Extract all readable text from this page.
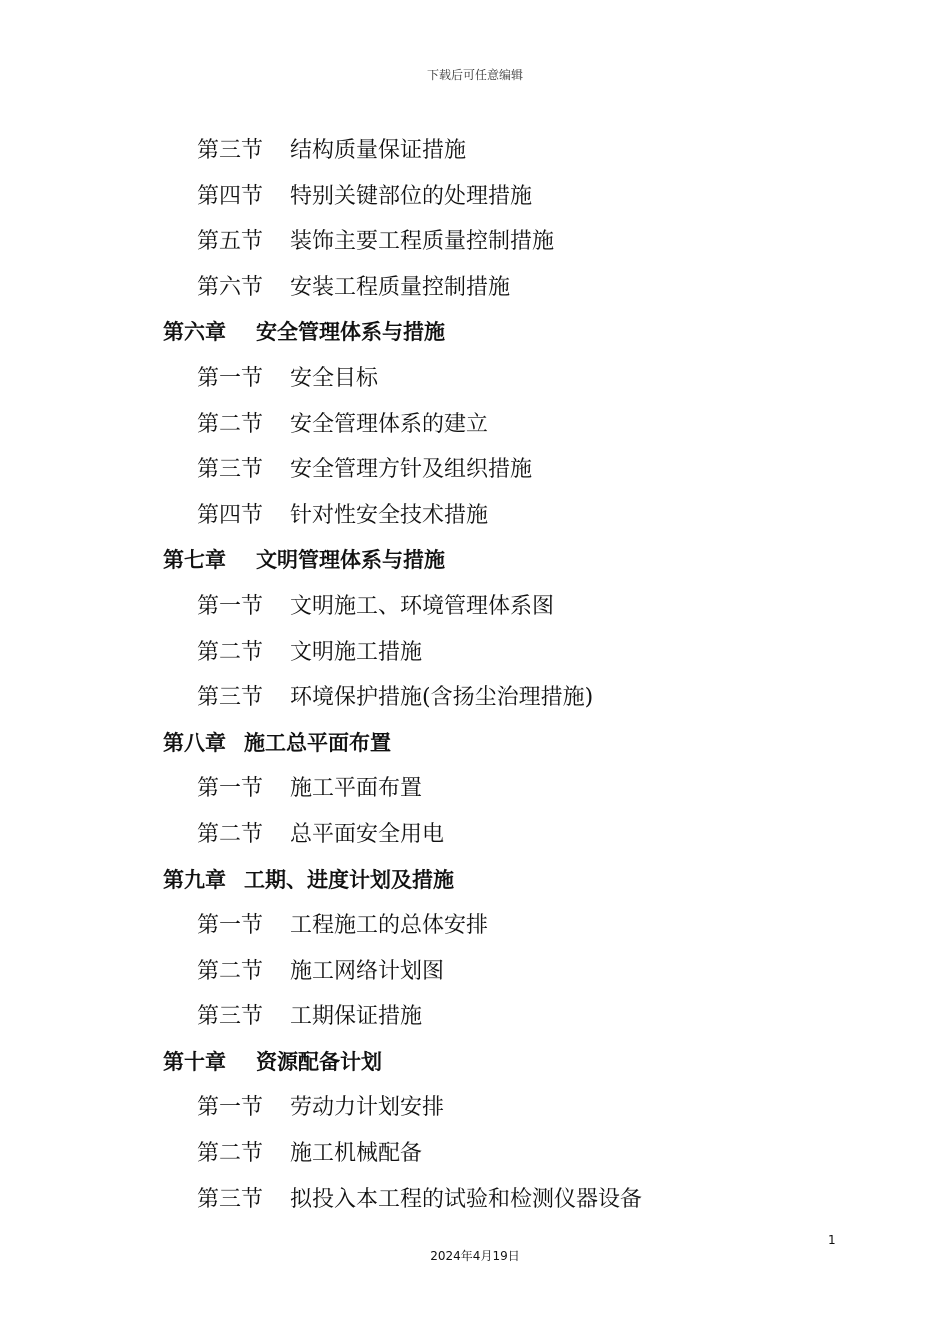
下载后可任意编辑
第三节 结构质量保证措施
第四节 特别关键部位的处理措施
第五节 装饰主要工程质量控制措施
第六节 安装工程质量控制措施
第六章 安全管理体系与措施
第一节 安全目标
第二节 安全管理体系的建立
第三节 安全管理方针及组织措施
第四节 针对性安全技术措施
第七章 文明管理体系与措施
第一节 文明施工、环境管理体系图
第二节 文明施工措施
第三节 环境保护措施(含扬尘治理措施)
第八章 施工总平面布置
第一节 施工平面布置
第二节 总平面安全用电
第九章 工期、进度计划及措施
第一节 工程施工的总体安排
第二节 施工网络计划图
第三节 工期保证措施
第十章 资源配备计划
第一节 劳动力计划安排
第二节 施工机械配备
第三节 拟投入本工程的试验和检测仪器设备
1
2024年4月19日
